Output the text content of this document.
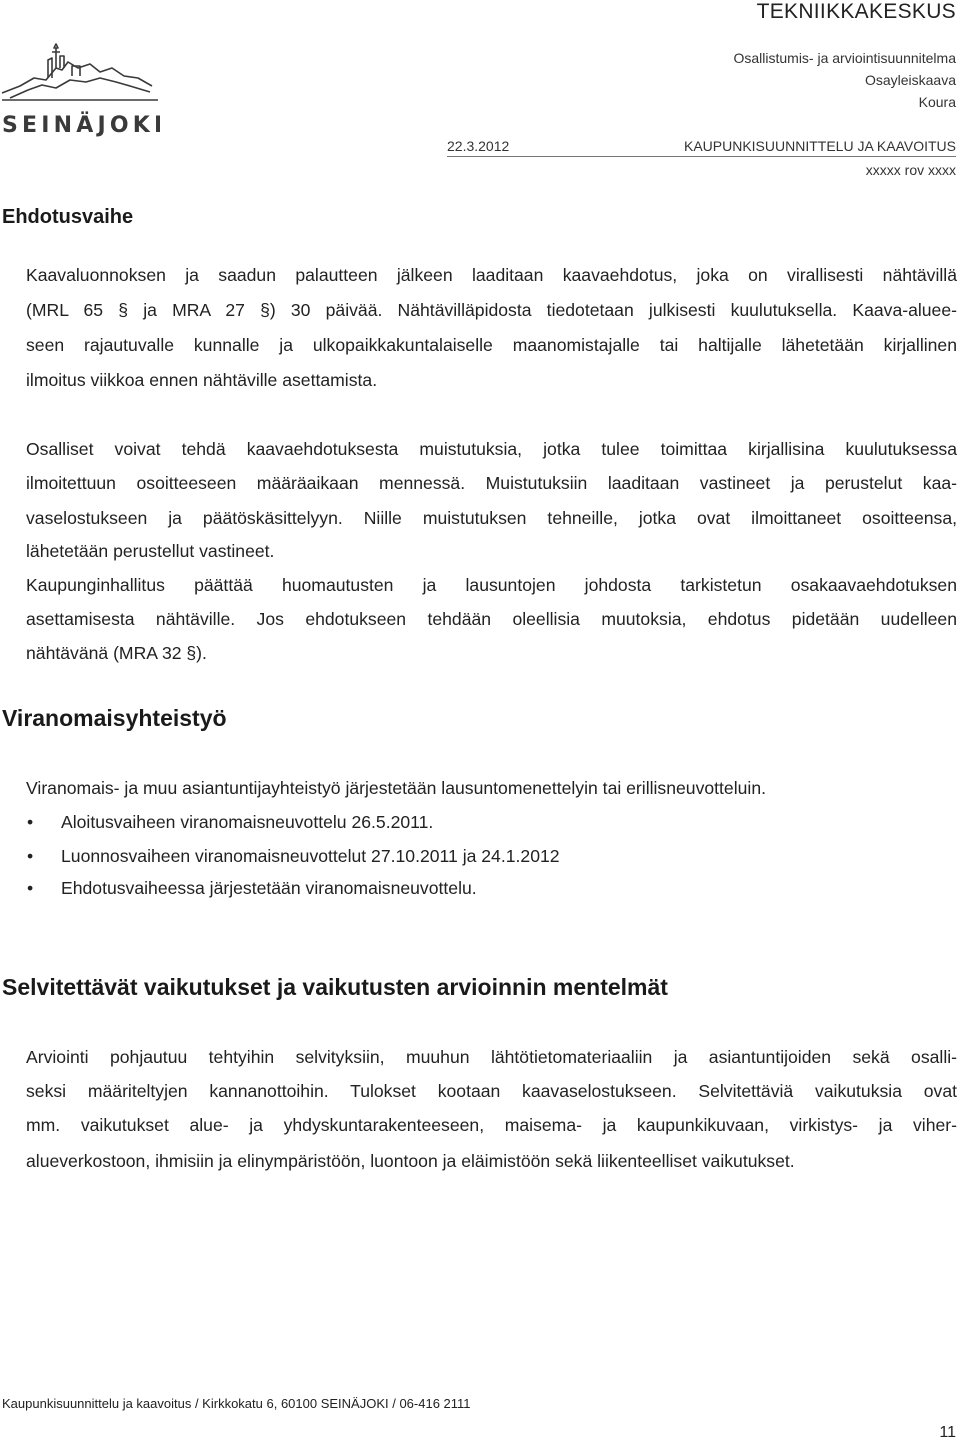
TEKNIIKKAKESKUS
Osallistumis- ja arviointisuunnitelma
Osayleiskaava
Koura
22.3.2012	KAUPUNKISUUNNITTELU JA KAAVOITUS
xxxxx rov xxxx
SEINÄJOKI
Ehdotusvaihe
Kaavaluonnoksen ja saadun palautteen jälkeen laaditaan kaavaehdotus, joka on virallisesti nähtävillä
(MRL 65 § ja MRA 27 §) 30 päivää. Nähtävilläpidosta tiedotetaan julkisesti kuulutuksella. Kaava-aluee-
seen rajautuvalle kunnalle ja ulkopaikkakuntalaiselle maanomistajalle tai haltijalle lähetetään kirjallinen
ilmoitus viikkoa ennen nähtäville asettamista.
Osalliset voivat tehdä kaavaehdotuksesta muistutuksia, jotka tulee toimittaa kirjallisina kuulutuksessa
ilmoitettuun osoitteeseen määräaikaan mennessä. Muistutuksiin laaditaan vastineet ja perustelut kaa-
vaselostukseen ja päätöskäsittelyyn. Niille muistutuksen tehneille, jotka ovat ilmoittaneet osoitteensa,
lähetetään perustellut vastineet.
Kaupunginhallitus päättää huomautusten ja lausuntojen johdosta tarkistetun osakaavaehdotuksen
asettamisesta nähtäville. Jos ehdotukseen tehdään oleellisia muutoksia, ehdotus pidetään uudelleen
nähtävänä (MRA 32 §).
Viranomaisyhteistyö
Viranomais- ja muu asiantuntijayhteistyö järjestetään lausuntomenettelyin tai erillisneuvotteluin.
• Aloitusvaiheen viranomaisneuvottelu 26.5.2011.
• Luonnosvaiheen viranomaisneuvottelut 27.10.2011 ja 24.1.2012
• Ehdotusvaiheessa järjestetään viranomaisneuvottelu.
Selvitettävät vaikutukset ja vaikutusten arvioinnin mentelmät
Arviointi pohjautuu tehtyihin selvityksiin, muuhun lähtötietomateriaaliin ja asiantuntijoiden sekä osalli-
seksi määriteltyjen kannanottoihin. Tulokset kootaan kaavaselostukseen. Selvitettäviä vaikutuksia ovat
mm. vaikutukset alue- ja yhdyskuntarakenteeseen, maisema- ja kaupunkikuvaan, virkistys- ja viher-
alueverkostoon, ihmisiin ja elinympäristöön, luontoon ja eläimistöön sekä liikenteelliset vaikutukset.
Kaupunkisuunnittelu ja kaavoitus / Kirkkokatu 6, 60100 SEINÄJOKI / 06-416 2111
11
